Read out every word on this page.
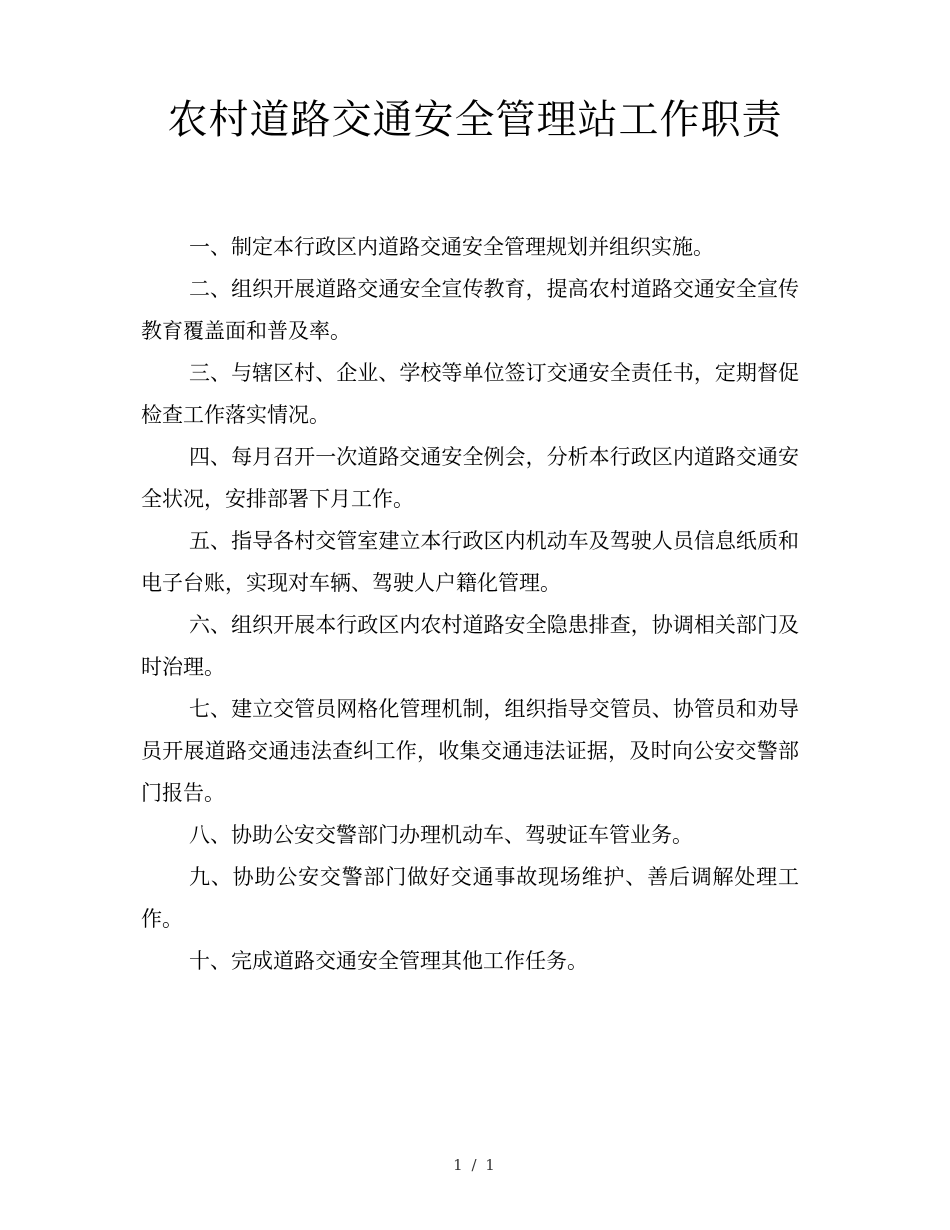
农村道路交通安全管理站工作职责

一、制定本行政区内道路交通安全管理规划并组织实施。

二、组织开展道路交通安全宣传教育，提高农村道路交通安全宣传教育覆盖面和普及率。

三、与辖区村、企业、学校等单位签订交通安全责任书，定期督促检查工作落实情况。

四、每月召开一次道路交通安全例会，分析本行政区内道路交通安全状况，安排部署下月工作。

五、指导各村交管室建立本行政区内机动车及驾驶人员信息纸质和电子台账，实现对车辆、驾驶人户籍化管理。

六、组织开展本行政区内农村道路安全隐患排查，协调相关部门及时治理。

七、建立交管员网格化管理机制，组织指导交管员、协管员和劝导员开展道路交通违法查纠工作，收集交通违法证据，及时向公安交警部门报告。

八、协助公安交警部门办理机动车、驾驶证车管业务。

九、协助公安交警部门做好交通事故现场维护、善后调解处理工作。

十、完成道路交通安全管理其他工作任务。

1 / 1
